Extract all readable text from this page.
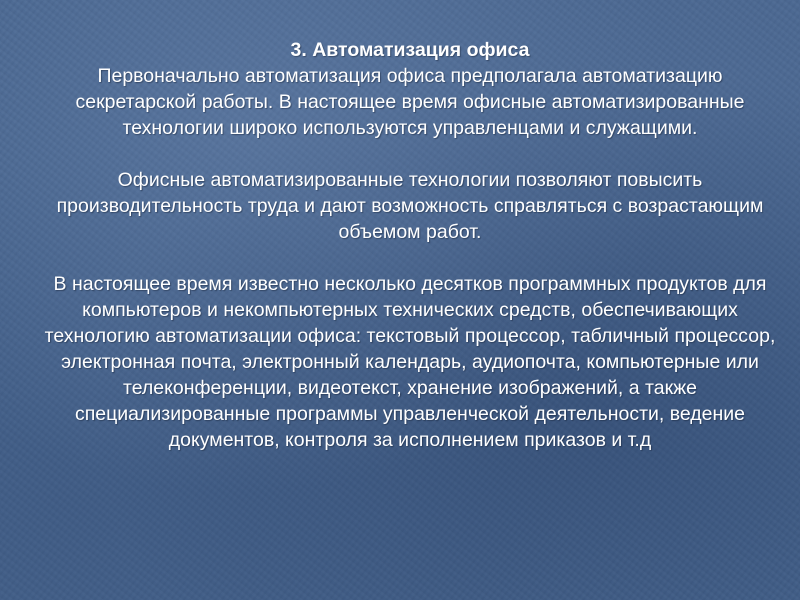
3. Автоматизация офиса

Первоначально автоматизация офиса предполагала автоматизацию секретарской работы. В настоящее время офисные автоматизированные технологии широко используются управленцами и служащими.

Офисные автоматизированные технологии позволяют повысить производительность труда и дают возможность справляться с возрастающим объемом работ.

В настоящее время известно несколько десятков программных продуктов для компьютеров и некомпьютерных технических средств, обеспечивающих технологию автоматизации офиса: текстовый процессор, табличный процессор, электронная почта, электронный календарь, аудиопочта, компьютерные или телеконференции, видеотекст, хранение изображений, а также специализированные программы управленческой деятельности, ведение документов, контроля за исполнением приказов и т.д
